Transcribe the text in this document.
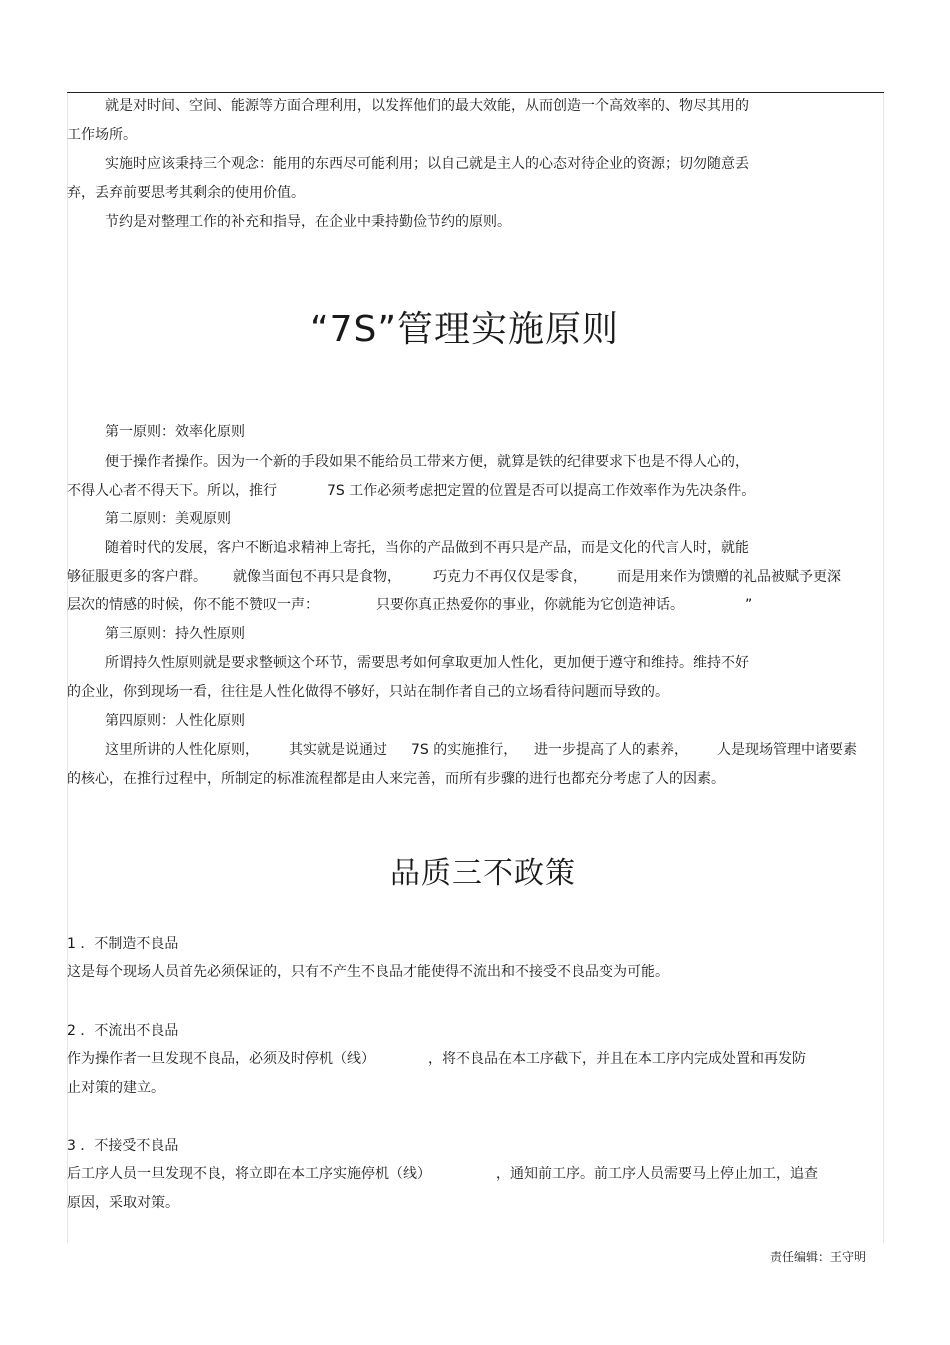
就是对时间、空间、能源等方面合理利用，以发挥他们的最大效能，从而创造一个高效率的、物尽其用的
工作场所。
实施时应该秉持三个观念：能用的东西尽可能利用；以自己就是主人的心态对待企业的资源；切勿随意丢
弃，丢弃前要思考其剩余的使用价值。
节约是对整理工作的补充和指导，在企业中秉持勤俭节约的原则。
“7S”管理实施原则
第一原则：效率化原则
便于操作者操作。因为一个新的手段如果不能给员工带来方便，就算是铁的纪律要求下也是不得人心的，
不得人心者不得天下。所以，推行	7S 工作必须考虑把定置的位置是否可以提高工作效率作为先决条件。
第二原则：美观原则
随着时代的发展，客户不断追求精神上寄托，当你的产品做到不再只是产品，而是文化的代言人时，就能
够征服更多的客户群。 就像当面包不再只是食物， 巧克力不再仅仅是零食， 而是用来作为馈赠的礼品被赋予更深
层次的情感的时候，你不能不赞叹一声：	只要你真正热爱你的事业，你就能为它创造神话。	”
第三原则：持久性原则
所谓持久性原则就是要求整顿这个环节，需要思考如何拿取更加人性化，更加便于遵守和维持。维持不好
的企业，你到现场一看，往往是人性化做得不够好，只站在制作者自己的立场看待问题而导致的。
第四原则：人性化原则
这里所讲的人性化原则， 其实就是说通过 7S 的实施推行， 进一步提高了人的素养， 人是现场管理中诸要素
的核心，在推行过程中，所制定的标准流程都是由人来完善，而所有步骤的进行也都充分考虑了人的因素。
品质三不政策
1 ．不制造不良品
这是每个现场人员首先必须保证的，只有不产生不良品才能使得不流出和不接受不良品变为可能。
2 ．不流出不良品
作为操作者一旦发现不良品，必须及时停机（线）	，将不良品在本工序截下，并且在本工序内完成处置和再发防
止对策的建立。
3 ．不接受不良品
后工序人员一旦发现不良，将立即在本工序实施停机（线）	，通知前工序。前工序人员需要马上停止加工，追查
原因，采取对策。
责任编辑：王守明
